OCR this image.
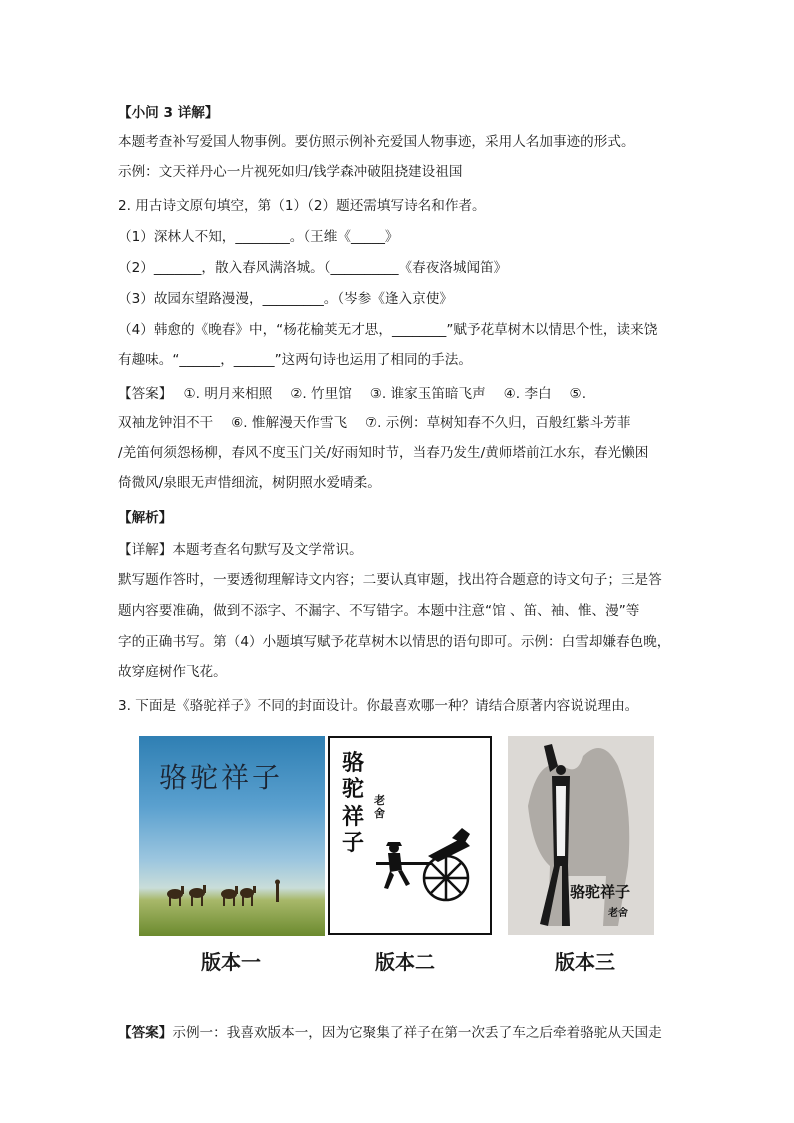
【小问 3 详解】
本题考查补写爱国人物事例。要仿照示例补充爱国人物事迹，采用人名加事迹的形式。
示例：文天祥丹心一片视死如归/钱学森冲破阻挠建设祖国
2. 用古诗文原句填空，第（1）（2）题还需填写诗名和作者。
（1）深林人不知，________。（王维《_____》
（2）_______，散入春风满洛城。（__________《春夜洛城闻笛》
（3）故园东望路漫漫，_________。（岑参《逢入京使》
（4）韩愈的《晚春》中，“杨花榆荚无才思，________”赋予花草树木以情思个性，读来饶
有趣味。“______，______”这两句诗也运用了相同的手法。
【答案】　 ①. 明月来相照　 ②. 竹里馆　 ③. 谁家玉笛暗飞声　 ④. 李白　 ⑤.
双袖龙钟泪不干　 ⑥. 惟解漫天作雪飞　 ⑦. 示例：草树知春不久归，百般红紫斗芳菲
/羌笛何须怨杨柳，春风不度玉门关/好雨知时节，当春乃发生/黄师塔前江水东，春光懒困
倚微风/泉眼无声惜细流，树阴照水爱晴柔。
【解析】
【详解】本题考查名句默写及文学常识。
默写题作答时，一要透彻理解诗文内容；二要认真审题，找出符合题意的诗文句子；三是答
题内容要准确，做到不添字、不漏字、不写错字。本题中注意“馆 、笛、袖、惟、漫”等
字的正确书写。第（4）小题填写赋予花草树木以情思的语句即可。示例：白雪却嫌春色晚，
故穿庭树作飞花。
3. 下面是《骆驼祥子》不同的封面设计。你最喜欢哪一种？请结合原著内容说说理由。
骆驼祥子	骆驼
祥子
老舍
骆驼祥子
老舍
版本一	版本二	版本三
【答案】示例一：我喜欢版本一，因为它聚集了祥子在第一次丢了车之后牵着骆驼从天国走
